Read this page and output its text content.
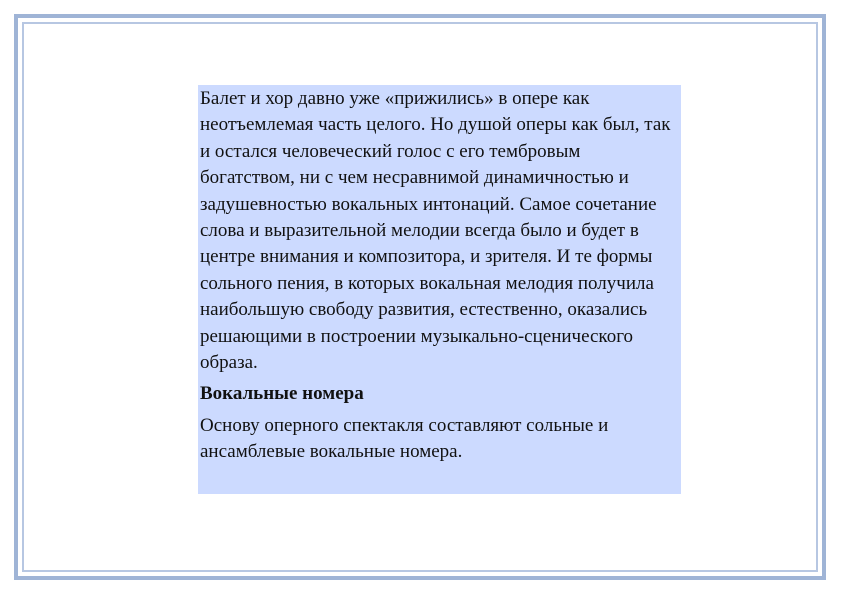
Балет и хор давно уже «прижились» в опере как неотъемлемая часть целого. Но душой оперы как был, так и остался человеческий голос с его тембровым богатством, ни с чем несравнимой динамичностью и задушевностью вокальных интонаций. Самое сочетание слова и выразительной мелодии всегда было и будет в центре внимания и композитора, и зрителя. И те формы сольного пения, в которых вокальная мелодия получила наибольшую свободу развития, естественно, оказались решающими в построении музыкально-сценического образа.

Вокальные номера

Основу оперного спектакля составляют сольные и ансамблевые вокальные номера.
